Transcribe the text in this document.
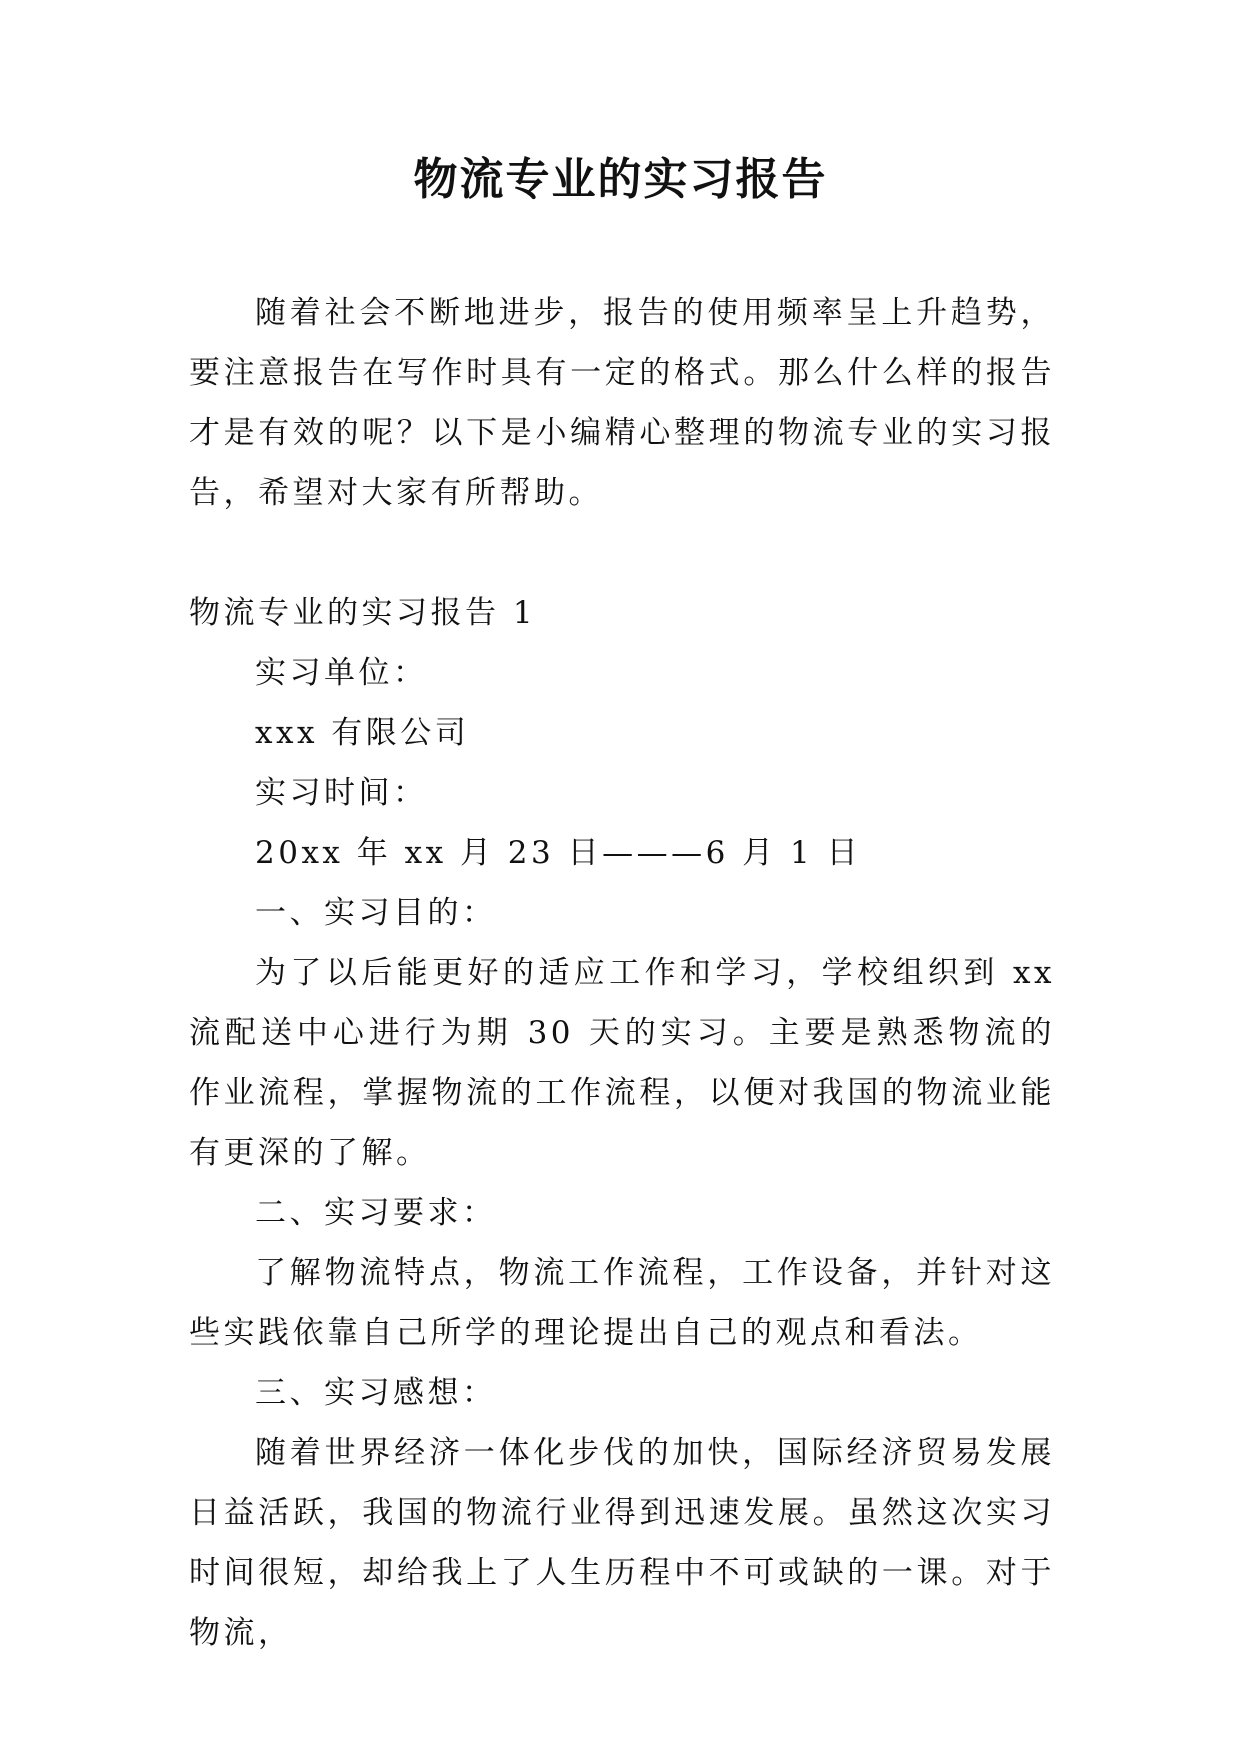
物流专业的实习报告

随着社会不断地进步，报告的使用频率呈上升趋势，要注意报告在写作时具有一定的格式。那么什么样的报告才是有效的呢？以下是小编精心整理的物流专业的实习报告，希望对大家有所帮助。

物流专业的实习报告 1

实习单位：

xxx 有限公司

实习时间：

20xx 年 xx 月 23 日———6 月 1 日

一、实习目的：

为了以后能更好的适应工作和学习，学校组织到 xx 流配送中心进行为期 30 天的实习。主要是熟悉物流的作业流程，掌握物流的工作流程，以便对我国的物流业能有更深的了解。

二、实习要求：

了解物流特点，物流工作流程，工作设备，并针对这些实践依靠自己所学的理论提出自己的观点和看法。

三、实习感想：

随着世界经济一体化步伐的加快，国际经济贸易发展日益活跃，我国的物流行业得到迅速发展。虽然这次实习时间很短，却给我上了人生历程中不可或缺的一课。对于物流，
